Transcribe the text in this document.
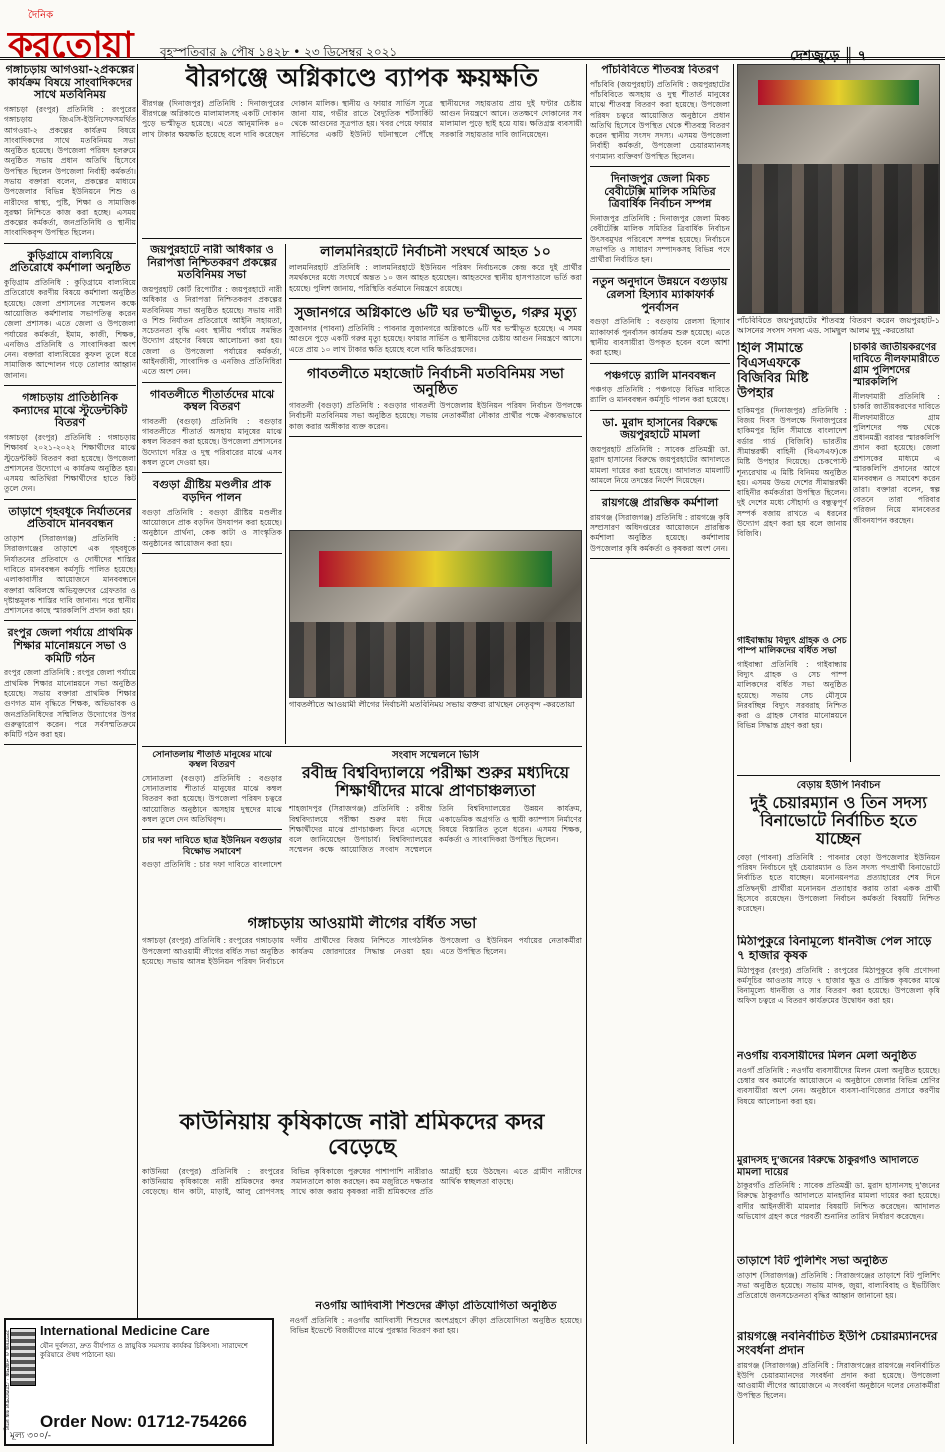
দৈনিক
করতোয়া বৃহস্পতিবার ৯ পৌষ ১৪২৮ • ২৩ ডিসেম্বর ২০২১	দেশজুড়ে ║ ৭
গঙ্গাচড়ায় আগওয়া-২প্রকল্পের কার্যক্রম বিষয়ে সাংবাদিকদের সাথে মতবিনিময়
গঙ্গাচড়া (রংপুর) প্রতিনিধি : রংপুরের গঙ্গাচড়ায় জিএসি-ইউনিসেফসমর্থিত আগওয়া-২ প্রকল্পের কার্যক্রম বিষয়ে সাংবাদিকদের সাথে মতবিনিময় সভা অনুষ্ঠিত হয়েছে। উপজেলা পরিষদ হলরুমে অনুষ্ঠিত সভায় প্রধান অতিথি হিসেবে উপস্থিত ছিলেন উপজেলা নির্বাহী কর্মকর্তা। সভায় বক্তারা বলেন, প্রকল্পের মাধ্যমে উপজেলার বিভিন্ন ইউনিয়নে শিশু ও নারীদের স্বাস্থ্য, পুষ্টি, শিক্ষা ও সামাজিক সুরক্ষা নিশ্চিতে কাজ করা হচ্ছে। এসময় প্রকল্পের কর্মকর্তা, জনপ্রতিনিধি ও স্থানীয় সাংবাদিকবৃন্দ উপস্থিত ছিলেন।
কুড়িগ্রামে বাল্যবিয়ে প্রতিরোধে কর্মশালা অনুষ্ঠিত
কুড়িগ্রাম প্রতিনিধি : কুড়িগ্রামে বাল্যবিয়ে প্রতিরোধে করণীয় বিষয়ে কর্মশালা অনুষ্ঠিত হয়েছে। জেলা প্রশাসনের সম্মেলন কক্ষে আয়োজিত কর্মশালায় সভাপতিত্ব করেন জেলা প্রশাসক। এতে জেলা ও উপজেলা পর্যায়ের কর্মকর্তা, ইমাম, কাজী, শিক্ষক, এনজিও প্রতিনিধি ও সাংবাদিকরা অংশ নেন। বক্তারা বাল্যবিয়ের কুফল তুলে ধরে সামাজিক আন্দোলন গড়ে তোলার আহ্বান জানান।
গঙ্গাচড়ায় প্রাতিষ্ঠানিক কন্যাদের মাঝে স্টুডেন্টকিট বিতরণ
গঙ্গাচড়া (রংপুর) প্রতিনিধি : গঙ্গাচড়ায় শিক্ষাবর্ষ ২০২১-২০২২ শিক্ষার্থীদের মাঝে স্টুডেন্টকিট বিতরণ করা হয়েছে। উপজেলা প্রশাসনের উদ্যোগে এ কার্যক্রম অনুষ্ঠিত হয়। এসময় অতিথিরা শিক্ষার্থীদের হাতে কিট তুলে দেন।
তাড়াশে গৃহবধূকে নির্যাতনের প্রতিবাদে মানববন্ধন
তাড়াশ (সিরাজগঞ্জ) প্রতিনিধি : সিরাজগঞ্জের তাড়াশে এক গৃহবধূকে নির্যাতনের প্রতিবাদে ও দোষীদের শাস্তির দাবিতে মানববন্ধন কর্মসূচি পালিত হয়েছে। এলাকাবাসীর আয়োজনে মানববন্ধনে বক্তারা অবিলম্বে অভিযুক্তদের গ্রেফতার ও দৃষ্টান্তমূলক শাস্তির দাবি জানান। পরে স্থানীয় প্রশাসনের কাছে স্মারকলিপি প্রদান করা হয়।
রংপুর জেলা পর্যায়ে প্রাথমিক শিক্ষার মানোন্নয়নে সভা ও কমিটি গঠন
রংপুর জেলা প্রতিনিধি : রংপুর জেলা পর্যায়ে প্রাথমিক শিক্ষার মানোন্নয়নে সভা অনুষ্ঠিত হয়েছে। সভায় বক্তারা প্রাথমিক শিক্ষার গুণগত মান বৃদ্ধিতে শিক্ষক, অভিভাবক ও জনপ্রতিনিধিদের সম্মিলিত উদ্যোগের উপর গুরুত্বারোপ করেন। পরে সর্বসম্মতিক্রমে কমিটি গঠন করা হয়।
বীরগঞ্জে অগ্নিকাণ্ডে ব্যাপক ক্ষয়ক্ষতি
বীরগঞ্জ (দিনাজপুর) প্রতিনিধি : দিনাজপুরের বীরগঞ্জে অগ্নিকাণ্ডে মালামালসহ একটি দোকান পুড়ে ভস্মীভূত হয়েছে। এতে আনুমানিক ৪০ লাখ টাকার ক্ষয়ক্ষতি হয়েছে বলে দাবি করেছেন দোকান মালিক। স্থানীয় ও ফায়ার সার্ভিস সূত্রে জানা যায়, গভীর রাতে বৈদ্যুতিক শর্টসার্কিট থেকে আগুনের সূত্রপাত হয়। খবর পেয়ে ফায়ার সার্ভিসের একটি ইউনিট ঘটনাস্থলে পৌঁছে স্থানীয়দের সহায়তায় প্রায় দুই ঘণ্টার চেষ্টায় আগুন নিয়ন্ত্রণে আনে। ততক্ষণে দোকানের সব মালামাল পুড়ে ছাই হয়ে যায়। ক্ষতিগ্রস্ত ব্যবসায়ী সরকারি সহায়তার দাবি জানিয়েছেন।
জয়পুরহাটে নারী অধিকার ও নিরাপত্তা নিশ্চিতকরণ প্রকল্পের মতবিনিময় সভা
জয়পুরহাট কোর্ট রিপোর্টার : জয়পুরহাটে নারী অধিকার ও নিরাপত্তা নিশ্চিতকরণ প্রকল্পের মতবিনিময় সভা অনুষ্ঠিত হয়েছে। সভায় নারী ও শিশু নির্যাতন প্রতিরোধে আইনি সহায়তা, সচেতনতা বৃদ্ধি এবং স্থানীয় পর্যায়ে সমন্বিত উদ্যোগ গ্রহণের বিষয়ে আলোচনা করা হয়। জেলা ও উপজেলা পর্যায়ের কর্মকর্তা, আইনজীবী, সাংবাদিক ও এনজিও প্রতিনিধিরা এতে অংশ নেন।
গাবতলীতে শীতার্তদের মাঝে কম্বল বিতরণ
গাবতলী (বগুড়া) প্রতিনিধি : বগুড়ার গাবতলীতে শীতার্ত অসহায় মানুষের মাঝে কম্বল বিতরণ করা হয়েছে। উপজেলা প্রশাসনের উদ্যোগে দরিদ্র ও দুস্থ পরিবারের মাঝে এসব কম্বল তুলে দেওয়া হয়।
বগুড়া গ্রীষ্টিয় মণ্ডলীর প্রাক বড়দিন পালন
বগুড়া প্রতিনিধি : বগুড়া খ্রীষ্টিয় মণ্ডলীর আয়োজনে প্রাক বড়দিন উদযাপন করা হয়েছে। অনুষ্ঠানে প্রার্থনা, কেক কাটা ও সাংস্কৃতিক অনুষ্ঠানের আয়োজন করা হয়।
লালমনিরহাটে নির্বাচনী সংঘর্ষে আহত ১০
লালমনিরহাট প্রতিনিধি : লালমনিরহাটে ইউনিয়ন পরিষদ নির্বাচনকে কেন্দ্র করে দুই প্রার্থীর সমর্থকদের মধ্যে সংঘর্ষে অন্তত ১০ জন আহত হয়েছেন। আহতদের স্থানীয় হাসপাতালে ভর্তি করা হয়েছে। পুলিশ জানায়, পরিস্থিতি বর্তমানে নিয়ন্ত্রণে রয়েছে।
সুজানগরে অগ্নিকাণ্ডে ৬টি ঘর ভস্মীভূত, গরুর মৃত্যু
সুজানগর (পাবনা) প্রতিনিধি : পাবনার সুজানগরে অগ্নিকাণ্ডে ৬টি ঘর ভস্মীভূত হয়েছে। এ সময় আগুনে পুড়ে একটি গরুর মৃত্যু হয়েছে। ফায়ার সার্ভিস ও স্থানীয়দের চেষ্টায় আগুন নিয়ন্ত্রণে আসে। এতে প্রায় ১০ লাখ টাকার ক্ষতি হয়েছে বলে দাবি ক্ষতিগ্রস্তদের।
গাবতলীতে মহাজোট নির্বাচনী মতবিনিময় সভা অনুষ্ঠিত
গাবতলী (বগুড়া) প্রতিনিধি : বগুড়ার গাবতলী উপজেলায় ইউনিয়ন পরিষদ নির্বাচন উপলক্ষে নির্বাচনী মতবিনিময় সভা অনুষ্ঠিত হয়েছে। সভায় নেতাকর্মীরা নৌকার প্রার্থীর পক্ষে ঐক্যবদ্ধভাবে কাজ করার অঙ্গীকার ব্যক্ত করেন।
গাবতলীতে আওয়ামী লীগের নির্বাচনী মতবিনিময় সভায় বক্তব্য রাখছেন নেতৃবৃন্দ -করতোয়া
সোনাতলায় শীতার্ত মানুষের মাঝে কম্বল বিতরণ
সোনাতলা (বগুড়া) প্রতিনিধি : বগুড়ার সোনাতলায় শীতার্ত মানুষের মাঝে কম্বল বিতরণ করা হয়েছে। উপজেলা পরিষদ চত্বরে আয়োজিত অনুষ্ঠানে অসহায় দুস্থদের মাঝে কম্বল তুলে দেন অতিথিবৃন্দ।
চার দফা দাবিতে ছাত্র ইউনিয়ন বগুড়ার বিক্ষোভ সমাবেশ
বগুড়া প্রতিনিধি : চার দফা দাবিতে বাংলাদেশ
সংবাদ সম্মেলনে ভিসি
রবীন্দ্র বিশ্ববিদ্যালয়ে পরীক্ষা শুরুর মধ্যদিয়ে শিক্ষার্থীদের মাঝে প্রাণচাঞ্চল্যতা
শাহজাদপুর (সিরাজগঞ্জ) প্রতিনিধি : রবীন্দ্র বিশ্ববিদ্যালয়ে পরীক্ষা শুরুর মধ্য দিয়ে শিক্ষার্থীদের মাঝে প্রাণচাঞ্চল্য ফিরে এসেছে বলে জানিয়েছেন উপাচার্য। বিশ্ববিদ্যালয়ের সম্মেলন কক্ষে আয়োজিত সংবাদ সম্মেলনে তিনি বিশ্ববিদ্যালয়ের উন্নয়ন কার্যক্রম, একাডেমিক অগ্রগতি ও স্থায়ী ক্যাম্পাস নির্মাণের বিষয়ে বিস্তারিত তুলে ধরেন। এসময় শিক্ষক, কর্মকর্তা ও সাংবাদিকরা উপস্থিত ছিলেন।
গঙ্গাচড়ায় আওয়ামী লীগের বর্ধিত সভা
গঙ্গাচড়া (রংপুর) প্রতিনিধি : রংপুরের গঙ্গাচড়ায় উপজেলা আওয়ামী লীগের বর্ধিত সভা অনুষ্ঠিত হয়েছে। সভায় আসন্ন ইউনিয়ন পরিষদ নির্বাচনে দলীয় প্রার্থীদের বিজয় নিশ্চিতে সাংগঠনিক কার্যক্রম জোরদারের সিদ্ধান্ত নেওয়া হয়। উপজেলা ও ইউনিয়ন পর্যায়ের নেতাকর্মীরা এতে উপস্থিত ছিলেন।
কাউনিয়ায় কৃষিকাজে নারী শ্রমিকদের কদর বেড়েছে
কাউনিয়া (রংপুর) প্রতিনিধি : রংপুরের কাউনিয়ায় কৃষিকাজে নারী শ্রমিকদের কদর বেড়েছে। ধান কাটা, মাড়াই, আলু রোপণসহ বিভিন্ন কৃষিকাজে পুরুষের পাশাপাশি নারীরাও সমানতালে কাজ করছেন। কম মজুরিতে দক্ষতার সাথে কাজ করায় কৃষকরা নারী শ্রমিকদের প্রতি আগ্রহী হয়ে উঠছেন। এতে গ্রামীণ নারীদের আর্থিক স্বচ্ছলতা বাড়ছে।
নওগাঁয় আদিবাসী শিশুদের ক্রীড়া প্রতিযোগিতা অনুষ্ঠিত
নওগাঁ প্রতিনিধি : নওগাঁয় আদিবাসী শিশুদের অংশগ্রহণে ক্রীড়া প্রতিযোগিতা অনুষ্ঠিত হয়েছে। বিভিন্ন ইভেন্টে বিজয়ীদের মাঝে পুরস্কার বিতরণ করা হয়।
International Medicine Care
যৌন দুর্বলতা, দ্রুত বীর্যপাত ও স্নায়ুবিক সমস্যায় কার্যকর চিকিৎসা। সারাদেশে কুরিয়ারে ঔষধ পাঠানো হয়।
Order Now: 01712-754266
মূল্য ৩০০/-
পাঁচবিবিতে শীতবস্ত্র বিতরণ
পাঁচবিবি (জয়পুরহাট) প্রতিনিধি : জয়পুরহাটের পাঁচবিবিতে অসহায় ও দুস্থ শীতার্ত মানুষের মাঝে শীতবস্ত্র বিতরণ করা হয়েছে। উপজেলা পরিষদ চত্বরে আয়োজিত অনুষ্ঠানে প্রধান অতিথি হিসেবে উপস্থিত থেকে শীতবস্ত্র বিতরণ করেন স্থানীয় সংসদ সদস্য। এসময় উপজেলা নির্বাহী কর্মকর্তা, উপজেলা চেয়ারম্যানসহ গণ্যমান্য ব্যক্তিবর্গ উপস্থিত ছিলেন।
দিনাজপুর জেলা মিকচ বেবীটেক্সি মালিক সমিতির ত্রিবার্ষিক নির্বাচন সম্পন্ন
দিনাজপুর প্রতিনিধি : দিনাজপুর জেলা মিকচ বেবীটেক্সি মালিক সমিতির ত্রিবার্ষিক নির্বাচন উৎসবমুখর পরিবেশে সম্পন্ন হয়েছে। নির্বাচনে সভাপতি ও সাধারণ সম্পাদকসহ বিভিন্ন পদে প্রার্থীরা নির্বাচিত হন।
নতুন অনুদানে উন্নয়নে বগুড়ায় রেলসা হিস্যাব ম্যাকাফার্ক পুনর্বাসন
বগুড়া প্রতিনিধি : বগুড়ায় রেলসা হিস্যাব ম্যাকাফার্ক পুনর্বাসন কার্যক্রম শুরু হয়েছে। এতে স্থানীয় ব্যবসায়ীরা উপকৃত হবেন বলে আশা করা হচ্ছে।
পঞ্চগড়ে র‌্যালি মানববন্ধন
পঞ্চগড় প্রতিনিধি : পঞ্চগড়ে বিভিন্ন দাবিতে র‌্যালি ও মানববন্ধন কর্মসূচি পালন করা হয়েছে।
ডা. মুরাদ হাসানের বিরুদ্ধে জয়পুরহাটে মামলা
জয়পুরহাট প্রতিনিধি : সাবেক প্রতিমন্ত্রী ডা. মুরাদ হাসানের বিরুদ্ধে জয়পুরহাটের আদালতে মামলা দায়ের করা হয়েছে। আদালত মামলাটি আমলে নিয়ে তদন্তের নির্দেশ দিয়েছেন।
রায়গঞ্জে প্রারম্ভিক কর্মশালা
রায়গঞ্জ (সিরাজগঞ্জ) প্রতিনিধি : রায়গঞ্জে কৃষি সম্প্রসারণ অধিদপ্তরের আয়োজনে প্রারম্ভিক কর্মশালা অনুষ্ঠিত হয়েছে। কর্মশালায় উপজেলার কৃষি কর্মকর্তা ও কৃষকরা অংশ নেন।
পাঁচবিবিতে জয়পুরহাটের শীতবস্ত্র বিতরণ করেন জয়পুরহাট-১ আসনের সংসদ সদস্য এড. সামছুল আলম দুদু -করতোয়া
হিলি সীমান্তে বিএসএফকে বিজিবির মিষ্টি উপহার
হাকিমপুর (দিনাজপুর) প্রতিনিধি : বিজয় দিবস উপলক্ষে দিনাজপুরের হাকিমপুর হিলি সীমান্তে বাংলাদেশ বর্ডার গার্ড (বিজিবি) ভারতীয় সীমান্তরক্ষী বাহিনী (বিএসএফ)কে মিষ্টি উপহার দিয়েছে। চেকপোস্ট শূন্যরেখায় এ মিষ্টি বিনিময় অনুষ্ঠিত হয়। এসময় উভয় দেশের সীমান্তরক্ষী বাহিনীর কর্মকর্তারা উপস্থিত ছিলেন। দুই দেশের মধ্যে সৌহার্দ্য ও বন্ধুত্বপূর্ণ সম্পর্ক বজায় রাখতে এ ধরনের উদ্যোগ গ্রহণ করা হয় বলে জানায় বিজিবি।
চাকরি জাতীয়করণের দাবিতে নীলফামারীতে গ্রাম পুলিশদের স্মারকলিপি
নীলফামারী প্রতিনিধি : চাকরি জাতীয়করণের দাবিতে নীলফামারীতে গ্রাম পুলিশদের পক্ষ থেকে প্রধানমন্ত্রী বরাবর স্মারকলিপি প্রদান করা হয়েছে। জেলা প্রশাসকের মাধ্যমে এ স্মারকলিপি প্রদানের আগে মানববন্ধন ও সমাবেশ করেন তারা। বক্তারা বলেন, স্বল্প বেতনে তারা পরিবার পরিজন নিয়ে মানবেতর জীবনযাপন করছেন।
গাইবান্ধায় বিদ্যুৎ গ্রাহক ও সেচ পাম্প মালিকদের বর্ধিত সভা
গাইবান্ধা প্রতিনিধি : গাইবান্ধায় বিদ্যুৎ গ্রাহক ও সেচ পাম্প মালিকদের বর্ধিত সভা অনুষ্ঠিত হয়েছে। সভায় সেচ মৌসুমে নিরবচ্ছিন্ন বিদ্যুৎ সরবরাহ নিশ্চিত করা ও গ্রাহক সেবার মানোন্নয়নে বিভিন্ন সিদ্ধান্ত গ্রহণ করা হয়।
বেড়ায় ইউপি নির্বাচন
দুই চেয়ারম্যান ও তিন সদস্য বিনাভোটে নির্বাচিত হতে যাচ্ছেন
বেড়া (পাবনা) প্রতিনিধি : পাবনার বেড়া উপজেলার ইউনিয়ন পরিষদ নির্বাচনে দুই চেয়ারম্যান ও তিন সদস্য পদপ্রার্থী বিনাভোটে নির্বাচিত হতে যাচ্ছেন। মনোনয়নপত্র প্রত্যাহারের শেষ দিনে প্রতিদ্বন্দ্বী প্রার্থীরা মনোনয়ন প্রত্যাহার করায় তারা একক প্রার্থী হিসেবে রয়েছেন। উপজেলা নির্বাচন কর্মকর্তা বিষয়টি নিশ্চিত করেছেন।
মিঠাপুকুরে বিনামূল্যে ধানবীজ পেল সাড়ে ৭ হাজার কৃষক
মিঠাপুকুর (রংপুর) প্রতিনিধি : রংপুরের মিঠাপুকুরে কৃষি প্রণোদনা কর্মসূচির আওতায় সাড়ে ৭ হাজার ক্ষুদ্র ও প্রান্তিক কৃষকের মাঝে বিনামূল্যে ধানবীজ ও সার বিতরণ করা হয়েছে। উপজেলা কৃষি অফিস চত্বরে এ বিতরণ কার্যক্রমের উদ্বোধন করা হয়।
নওগাঁয় ব্যবসায়ীদের মিলন মেলা অনুষ্ঠিত
নওগাঁ প্রতিনিধি : নওগাঁয় ব্যবসায়ীদের মিলন মেলা অনুষ্ঠিত হয়েছে। চেম্বার অব কমার্সের আয়োজনে এ অনুষ্ঠানে জেলার বিভিন্ন শ্রেণির ব্যবসায়ীরা অংশ নেন। অনুষ্ঠানে ব্যবসা-বাণিজ্যের প্রসারে করণীয় বিষয়ে আলোচনা করা হয়।
মুরাদসহ দু'জনের বিরুদ্ধে ঠাকুরগাঁও আদালতে মামলা দায়ের
ঠাকুরগাঁও প্রতিনিধি : সাবেক প্রতিমন্ত্রী ডা. মুরাদ হাসানসহ দু'জনের বিরুদ্ধে ঠাকুরগাঁও আদালতে মানহানির মামলা দায়ের করা হয়েছে। বাদীর আইনজীবী মামলার বিষয়টি নিশ্চিত করেছেন। আদালত অভিযোগ গ্রহণ করে পরবর্তী শুনানির তারিখ নির্ধারণ করেছেন।
তাড়াশে বিট পুলিশিং সভা অনুষ্ঠিত
তাড়াশ (সিরাজগঞ্জ) প্রতিনিধি : সিরাজগঞ্জের তাড়াশে বিট পুলিশিং সভা অনুষ্ঠিত হয়েছে। সভায় মাদক, জুয়া, বাল্যবিবাহ ও ইভটিজিং প্রতিরোধে জনসচেতনতা বৃদ্ধির আহ্বান জানানো হয়।
রায়গঞ্জে নবনির্বাচিত ইউপি চেয়ারম্যানদের সংবর্ধনা প্রদান
রায়গঞ্জ (সিরাজগঞ্জ) প্রতিনিধি : সিরাজগঞ্জের রায়গঞ্জে নবনির্বাচিত ইউপি চেয়ারম্যানদের সংবর্ধনা প্রদান করা হয়েছে। উপজেলা আওয়ামী লীগের আয়োজনে এ সংবর্ধনা অনুষ্ঠানে দলের নেতাকর্মীরা উপস্থিত ছিলেন।
সম্পাদক ও প্রকাশক : মোজাম্মেল হক লালু
